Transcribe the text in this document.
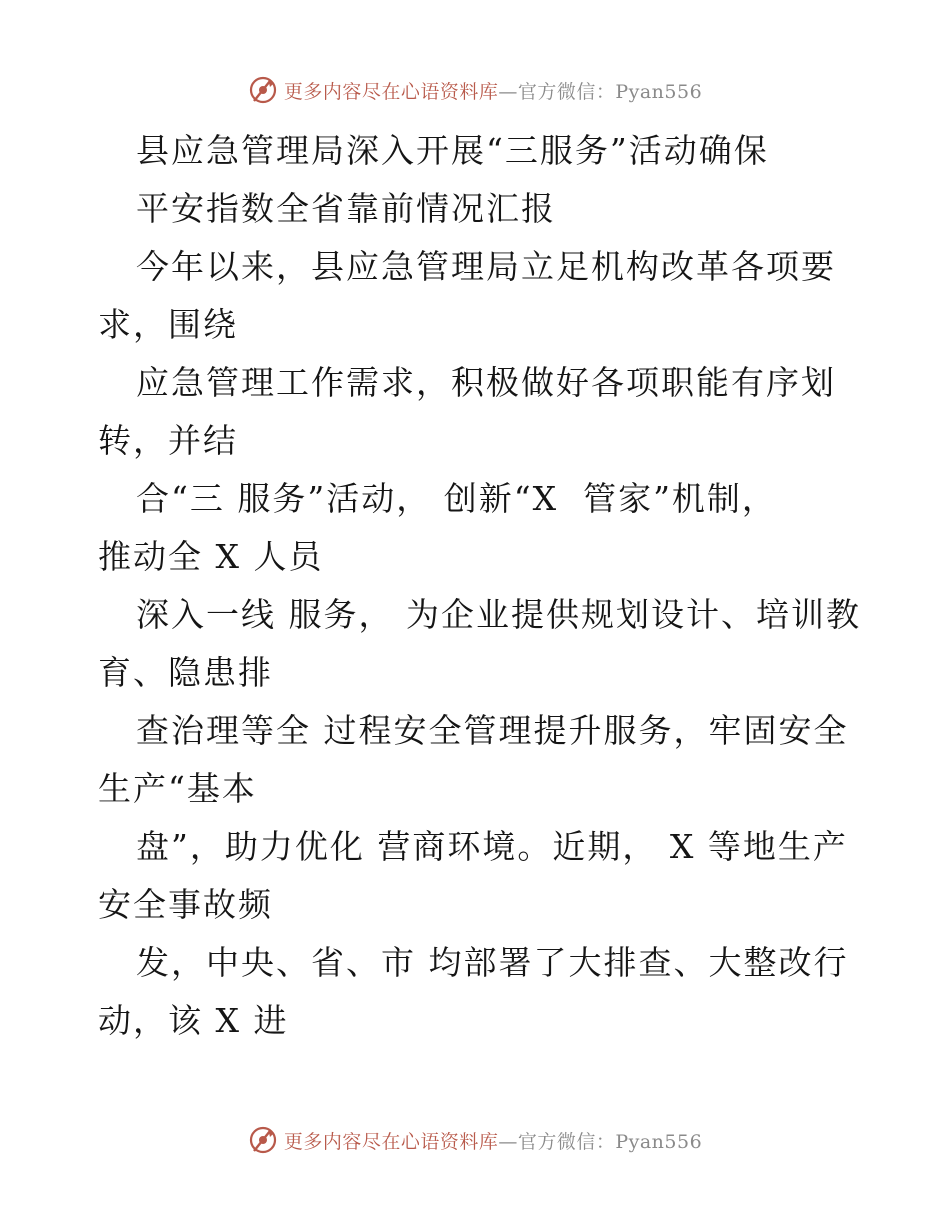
更多内容尽在心语资料库—官方微信：Pyan556
县应急管理局深入开展“三服务”活动确保
平安指数全省靠前情况汇报
今年以来，县应急管理局立足机构改革各项要
求，围绕
应急管理工作需求，积极做好各项职能有序划
转，并结
合“三 服务”活动， 创新“X  管家”机制，
推动全 X 人员
深入一线 服务， 为企业提供规划设计、培训教
育、隐患排
查治理等全 过程安全管理提升服务，牢固安全
生产“基本
盘”，助力优化 营商环境。近期， X 等地生产
安全事故频
发，中央、省、市 均部署了大排查、大整改行
动，该 X 进
更多内容尽在心语资料库—官方微信：Pyan556
